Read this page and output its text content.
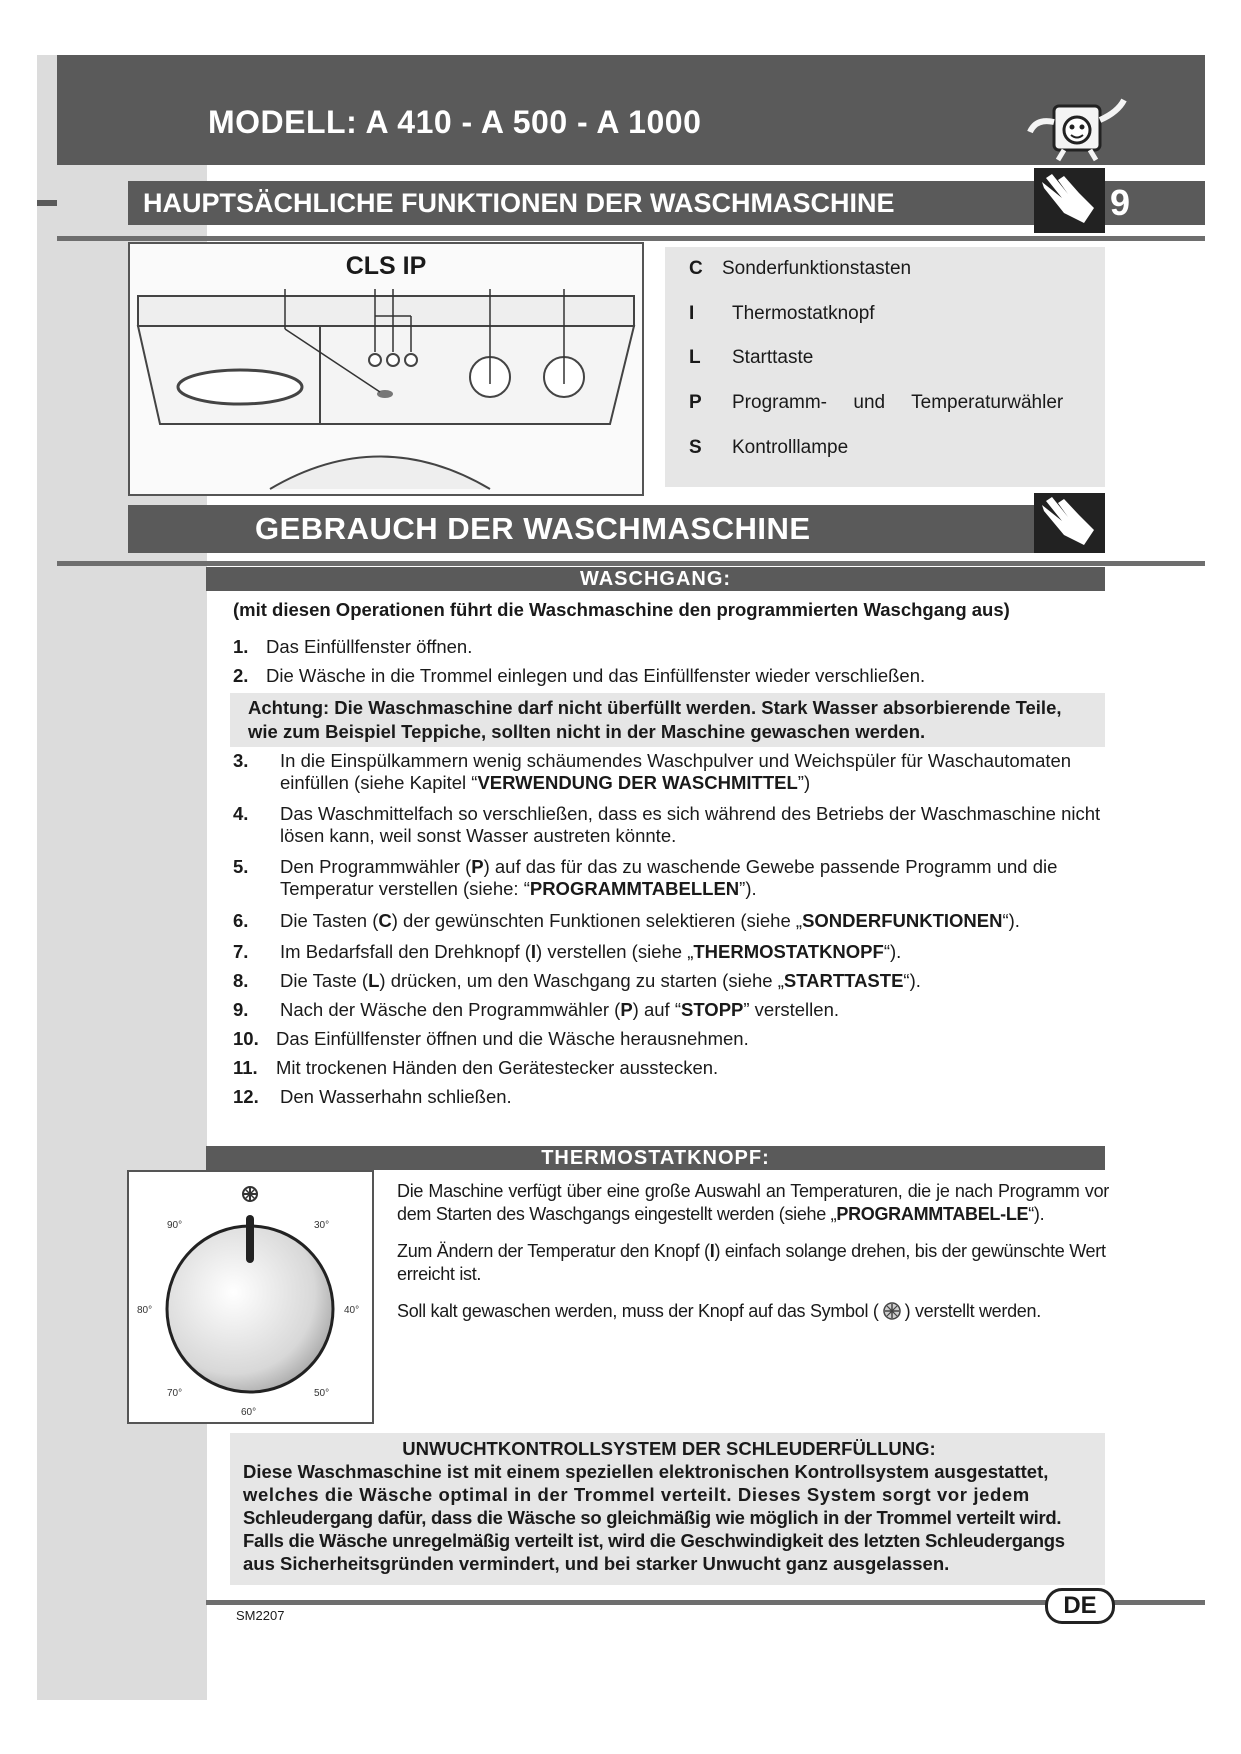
MODELL: A 410 - A 500 - A 1000
HAUPTSÄCHLICHE FUNKTIONEN DER WASCHMASCHINE	9
CLS IP	C Sonderfunktionstasten
I Thermostatknopf
L Starttaste
P Programm-     und     Temperaturwähler
S Kontrolllampe
GEBRAUCH DER WASCHMASCHINE
WASCHGANG:
(mit diesen Operationen führt die Waschmaschine den programmierten Waschgang aus)
1. Das Einfüllfenster öffnen.
2. Die Wäsche in die Trommel einlegen und das Einfüllfenster wieder verschließen.
3. In die Einspülkammern wenig schäumendes Waschpulver und Weichspüler für Waschautomaten einfüllen (siehe Kapitel “VERWENDUNG DER WASCHMITTEL”)
4. Das Waschmittelfach so verschließen, dass es sich während des Betriebs der Waschmaschine nicht lösen kann, weil sonst Wasser austreten könnte.
5. Den Programmwähler (P) auf das für das zu waschende Gewebe passende Programm und die Temperatur verstellen (siehe: “PROGRAMMTABELLEN”).
6. Die Tasten (C) der gewünschten Funktionen selektieren (siehe „SONDERFUNKTIONEN“).
7. Im Bedarfsfall den Drehknopf (I) verstellen (siehe „THERMOSTATKNOPF“).
8. Die Taste (L) drücken, um den Waschgang zu starten (siehe „STARTTASTE“).
9. Nach der Wäsche den Programmwähler (P) auf “STOPP” verstellen.
10. Das Einfüllfenster öffnen und die Wäsche herausnehmen.
11. Mit trockenen Händen den Gerätestecker ausstecken.
12. Den Wasserhahn schließen.
Achtung: Die Waschmaschine darf nicht überfüllt werden. Stark Wasser absorbierende Teile,
wie zum Beispiel Teppiche, sollten nicht in der Maschine gewaschen werden.
THERMOSTATKNOPF:
90°	30°
80°	40°
70°	50°
60°

Die Maschine verfügt über eine große Auswahl an Temperaturen, die je nach Programm vor dem Starten des Waschgangs eingestellt werden (siehe „PROGRAMMTABEL-LE“).

Zum Ändern der Temperatur den Knopf (I) einfach solange drehen, bis der gewünschte Wert erreicht ist.

Soll kalt gewaschen werden, muss der Knopf auf das Symbol ( ) verstellt werden.

UNWUCHTKONTROLLSYSTEM DER SCHLEUDERFÜLLUNG:
Diese Waschmaschine ist mit einem speziellen elektronischen Kontrollsystem ausgestattet,
welches die Wäsche optimal in der Trommel verteilt. Dieses System sorgt vor jedem
Schleudergang dafür, dass die Wäsche so gleichmäßig wie möglich in der Trommel verteilt wird.
Falls die Wäsche unregelmäßig verteilt ist, wird die Geschwindigkeit des letzten Schleudergangs
aus Sicherheitsgründen vermindert, und bei starker Unwucht ganz ausgelassen.
DE
SM2207
